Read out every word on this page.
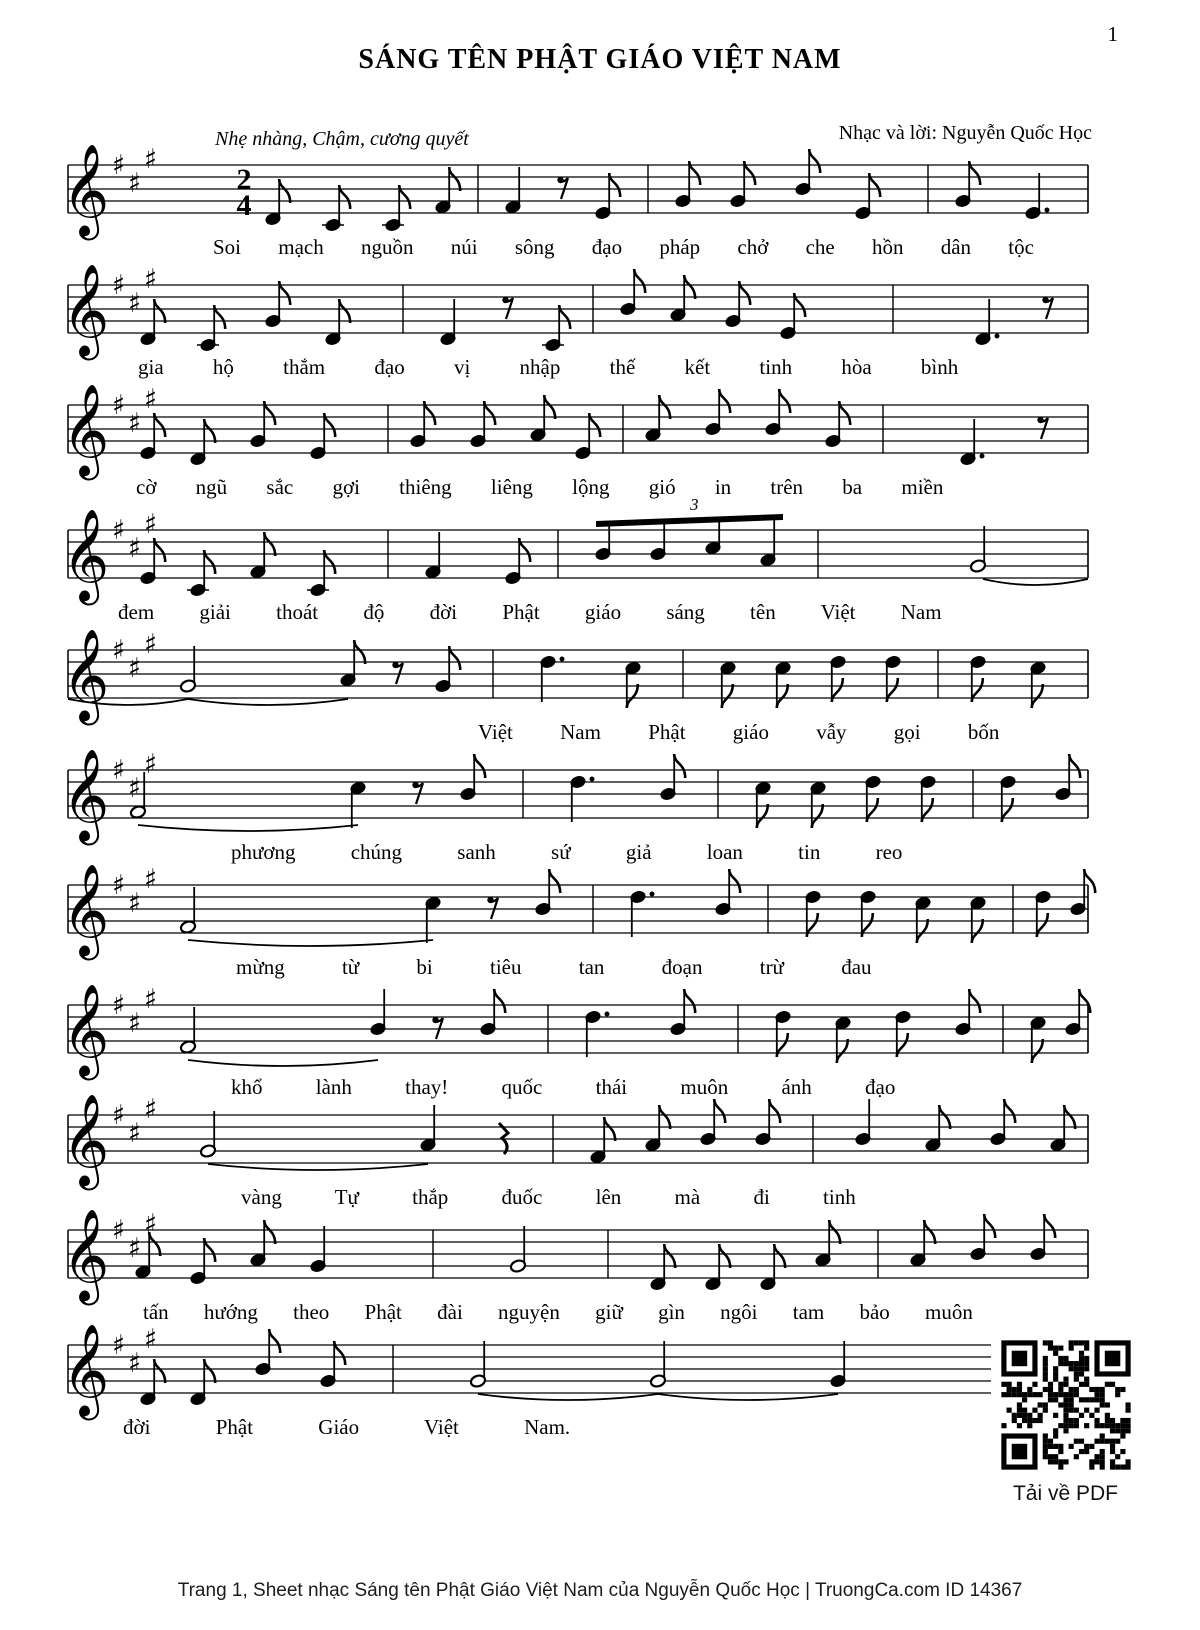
1
SÁNG TÊN PHẬT GIÁO VIỆT NAM
Nhẹ nhàng, Chậm, cương quyết	Nhạc và lời: Nguyễn Quốc Học
𝄞 ♯
♯
♯
2
4
Soi mạch nguồn núi sông đạo pháp chở che hồn dân tộc
𝄞 ♯
♯
♯
gia hộ thắm đạo vị nhập thế kết tinh hòa bình
𝄞 ♯
♯
♯
cờ ngũ sắc gợi thiêng liêng lộng gió in trên ba miền
𝄞 ♯
♯
♯
3
đem giải thoát độ đời Phật giáo sáng tên Việt Nam
𝄞 ♯
♯
♯
Việt Nam Phật giáo vẫy gọi bốn
𝄞 ♯
♯
♯
phương chúng sanh sứ giả loan tin reo
𝄞 ♯
♯
♯
mừng từ bi tiêu tan đoạn trừ đau
𝄞 ♯
♯
♯
khổ lành thay! quốc thái muôn ánh đạo
𝄞 ♯
♯
♯
vàng Tự thắp đuốc lên mà đi tinh
𝄞 ♯
♯
♯
tấn hướng theo Phật đài nguyện giữ gìn ngôi tam bảo muôn
𝄞 ♯
♯
♯
đời Phật Giáo Việt Nam.
Tải về PDF
Trang 1, Sheet nhạc Sáng tên Phật Giáo Việt Nam của Nguyễn Quốc Học | TruongCa.com ID 14367
